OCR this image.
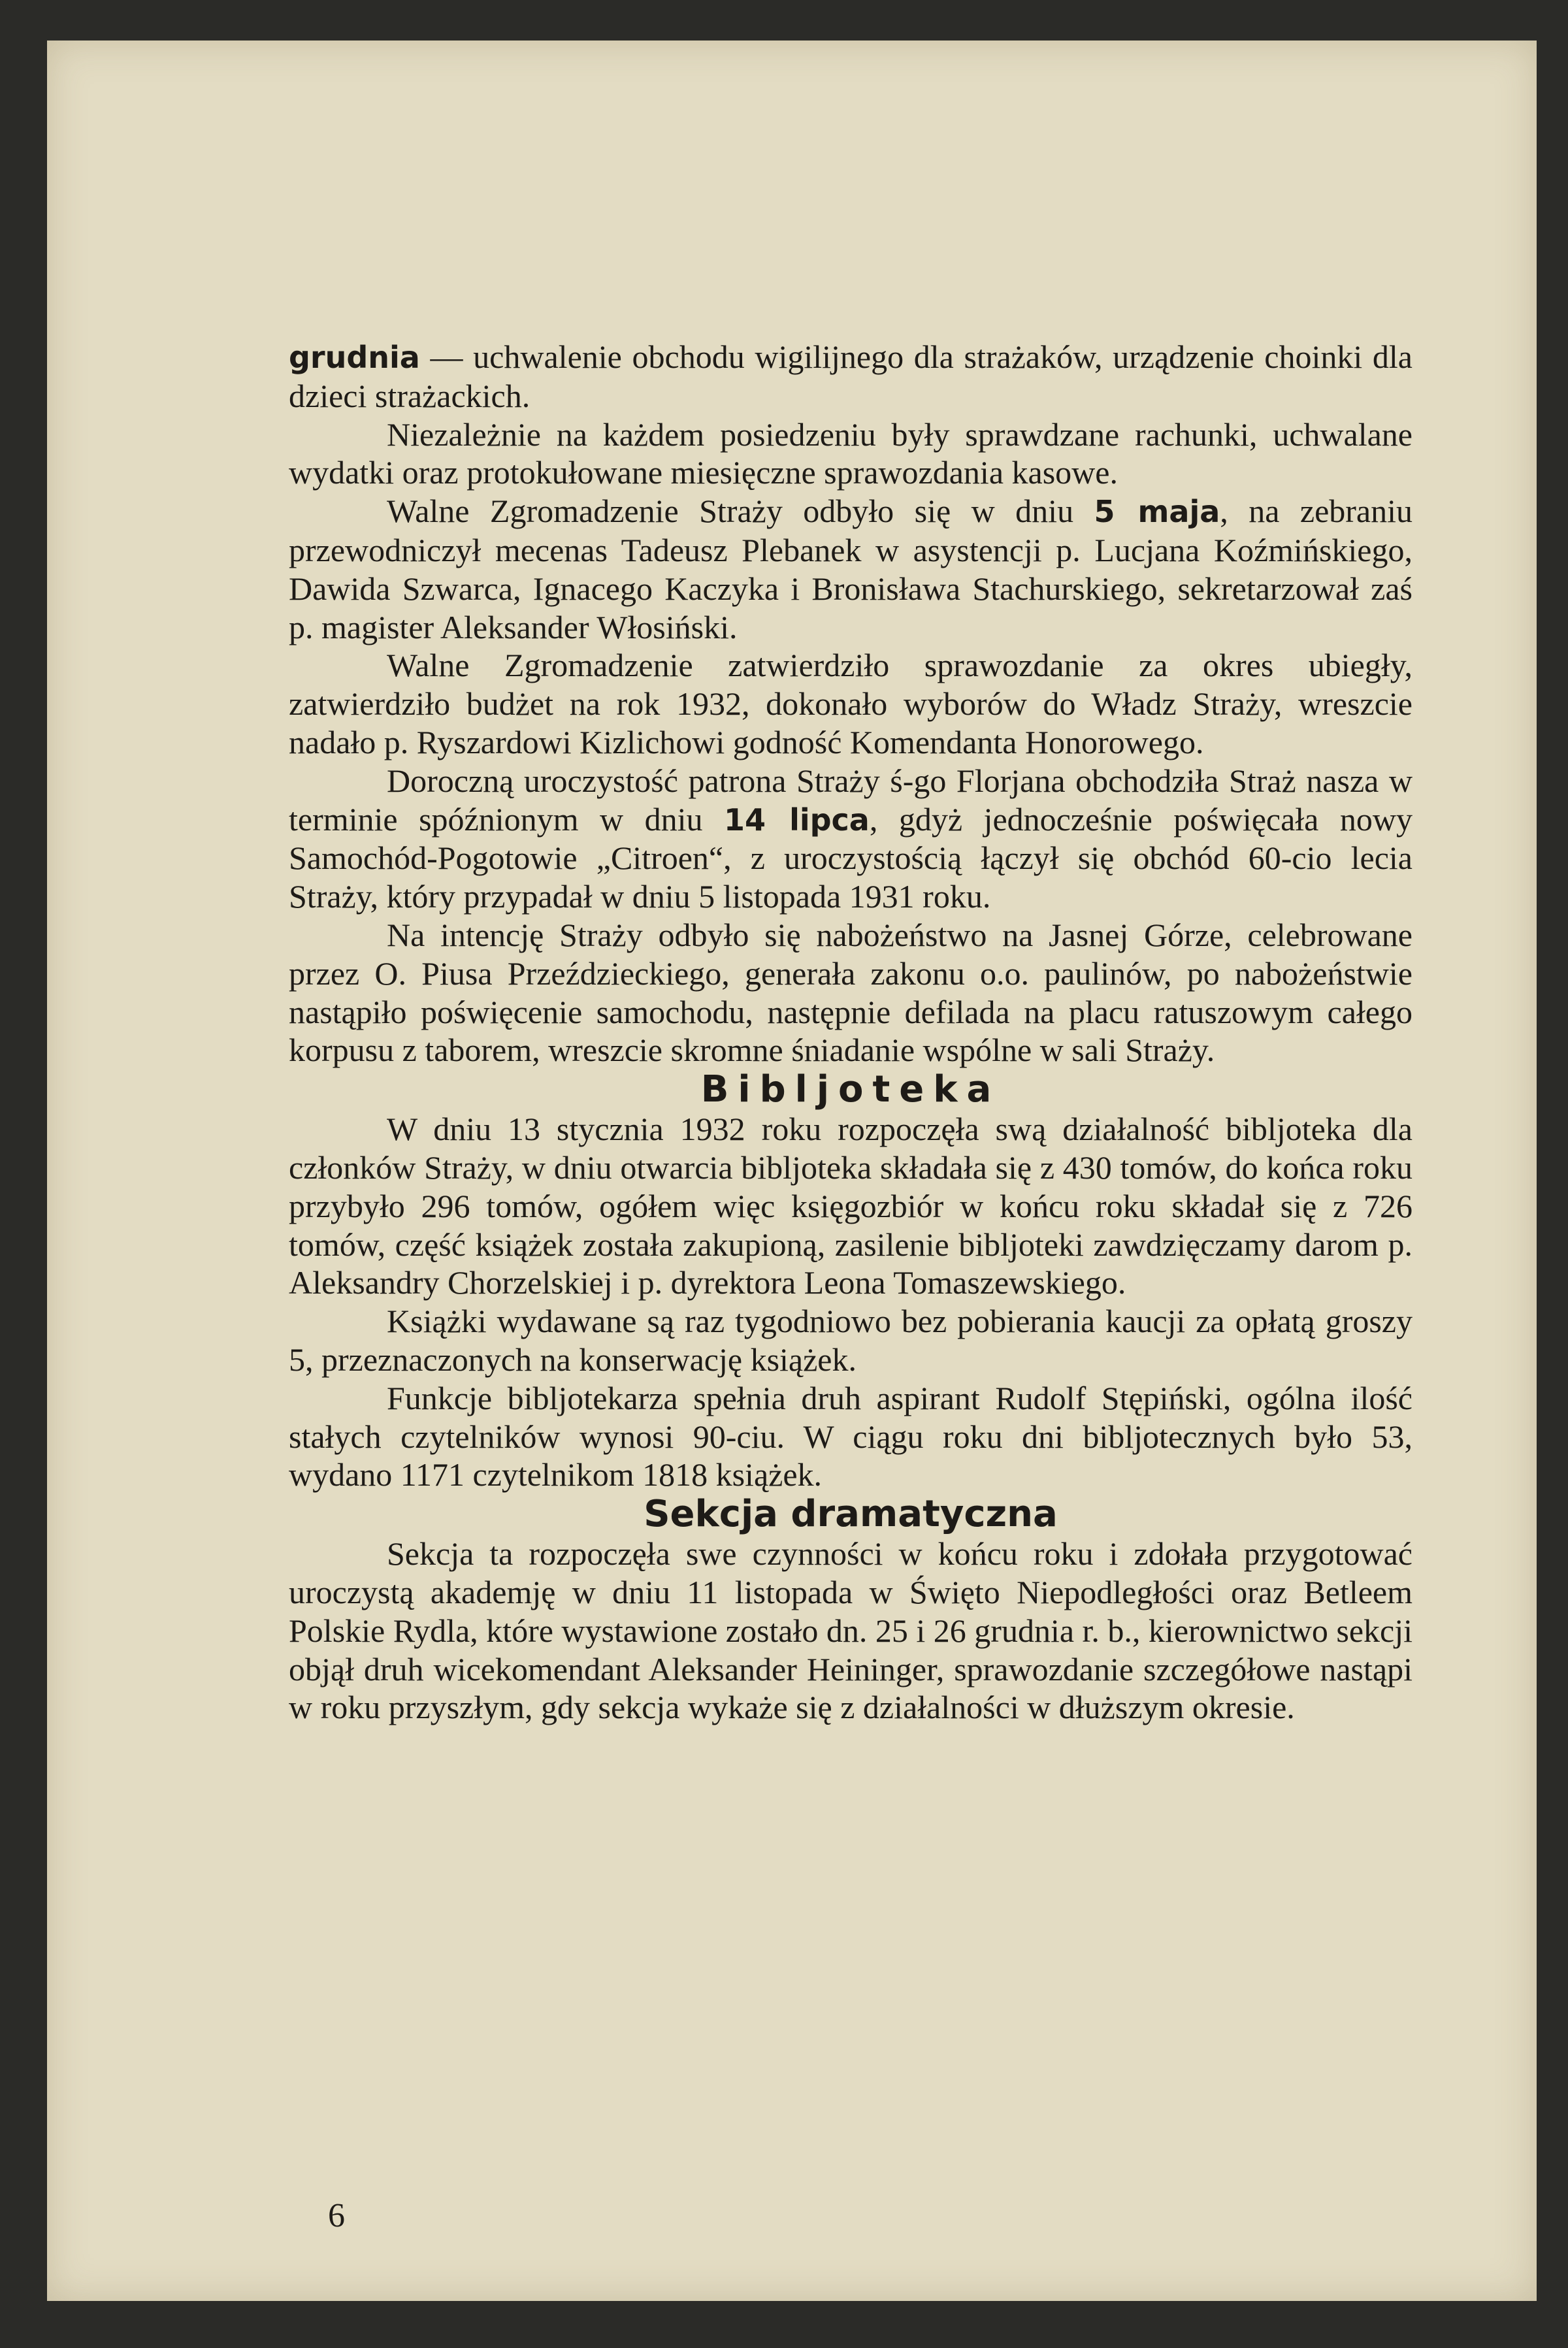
grudnia — uchwalenie obchodu wigilijnego dla strażaków, urządzenie choinki dla dzieci strażackich.

Niezależnie na każdem posiedzeniu były sprawdzane rachunki, uchwalane wydatki oraz protokułowane miesięczne sprawozdania kasowe.

Walne Zgromadzenie Straży odbyło się w dniu 5 maja, na zebraniu przewodniczył mecenas Tadeusz Plebanek w asystencji p. Lucjana Koźmińskiego, Dawida Szwarca, Ignacego Kaczyka i Bronisława Stachurskiego, sekretarzował zaś p. magister Aleksander Włosiński.

Walne Zgromadzenie zatwierdziło sprawozdanie za okres ubiegły, zatwierdziło budżet na rok 1932, dokonało wyborów do Władz Straży, wreszcie nadało p. Ryszardowi Kizlichowi godność Komendanta Honorowego.

Doroczną uroczystość patrona Straży ś-go Florjana obchodziła Straż nasza w terminie spóźnionym w dniu 14 lipca, gdyż jednocześnie poświęcała nowy Samochód-Pogotowie „Citroen“, z uroczystością łączył się obchód 60-cio lecia Straży, który przypadał w dniu 5 listopada 1931 roku.

Na intencję Straży odbyło się nabożeństwo na Jasnej Górze, celebrowane przez O. Piusa Przeździeckiego, generała zakonu o.o. paulinów, po nabożeństwie nastąpiło poświęcenie samochodu, następnie defilada na placu ratuszowym całego korpusu z taborem, wreszcie skromne śniadanie wspólne w sali Straży.

Bibljoteka

W dniu 13 stycznia 1932 roku rozpoczęła swą działalność bibljoteka dla członków Straży, w dniu otwarcia bibljoteka składała się z 430 tomów, do końca roku przybyło 296 tomów, ogółem więc księgozbiór w końcu roku składał się z 726 tomów, część książek została zakupioną, zasilenie bibljoteki zawdzięczamy darom p. Aleksandry Chorzelskiej i p. dyrektora Leona Tomaszewskiego.

Książki wydawane są raz tygodniowo bez pobierania kaucji za opłatą groszy 5, przeznaczonych na konserwację książek.

Funkcje bibljotekarza spełnia druh aspirant Rudolf Stępiński, ogólna ilość stałych czytelników wynosi 90-ciu. W ciągu roku dni bibljotecznych było 53, wydano 1171 czytelnikom 1818 książek.

Sekcja dramatyczna

Sekcja ta rozpoczęła swe czynności w końcu roku i zdołała przygotować uroczystą akademję w dniu 11 listopada w Święto Niepodległości oraz Betleem Polskie Rydla, które wystawione zostało dn. 25 i 26 grudnia r. b., kierownictwo sekcji objął druh wicekomendant Aleksander Heininger, sprawozdanie szczegółowe nastąpi w roku przyszłym, gdy sekcja wykaże się z działalności w dłuższym okresie.

6
